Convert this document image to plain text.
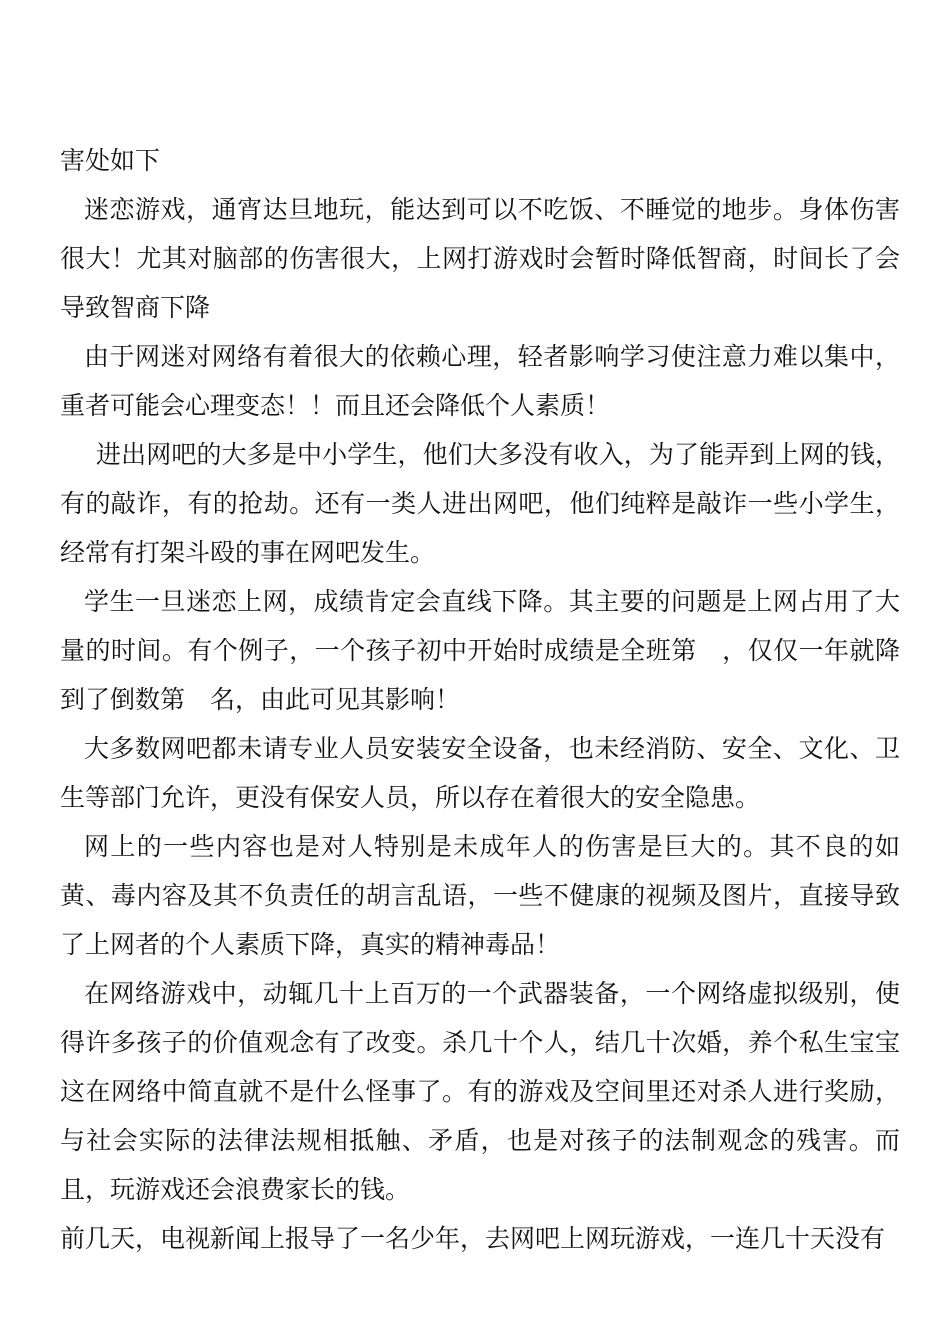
害处如下

迷恋游戏，通宵达旦地玩，能达到可以不吃饭、不睡觉的地步。身体伤害很大！尤其对脑部的伤害很大，上网打游戏时会暂时降低智商，时间长了会导致智商下降

由于网迷对网络有着很大的依赖心理，轻者影响学习使注意力难以集中，重者可能会心理变态！！而且还会降低个人素质！

进出网吧的大多是中小学生，他们大多没有收入，为了能弄到上网的钱，有的敲诈，有的抢劫。还有一类人进出网吧，他们纯粹是敲诈一些小学生，经常有打架斗殴的事在网吧发生。

学生一旦迷恋上网，成绩肯定会直线下降。其主要的问题是上网占用了大量的时间。有个例子，一个孩子初中开始时成绩是全班第　，仅仅一年就降到了倒数第　名，由此可见其影响！

大多数网吧都未请专业人员安装安全设备，也未经消防、安全、文化、卫生等部门允许，更没有保安人员，所以存在着很大的安全隐患。

网上的一些内容也是对人特别是未成年人的伤害是巨大的。其不良的如黄、毒内容及其不负责任的胡言乱语，一些不健康的视频及图片，直接导致了上网者的个人素质下降，真实的精神毒品！

在网络游戏中，动辄几十上百万的一个武器装备，一个网络虚拟级别，使得许多孩子的价值观念有了改变。杀几十个人，结几十次婚，养个私生宝宝这在网络中简直就不是什么怪事了。有的游戏及空间里还对杀人进行奖励，与社会实际的法律法规相抵触、矛盾，也是对孩子的法制观念的残害。而且，玩游戏还会浪费家长的钱。

前几天，电视新闻上报导了一名少年，去网吧上网玩游戏，一连几十天没有
